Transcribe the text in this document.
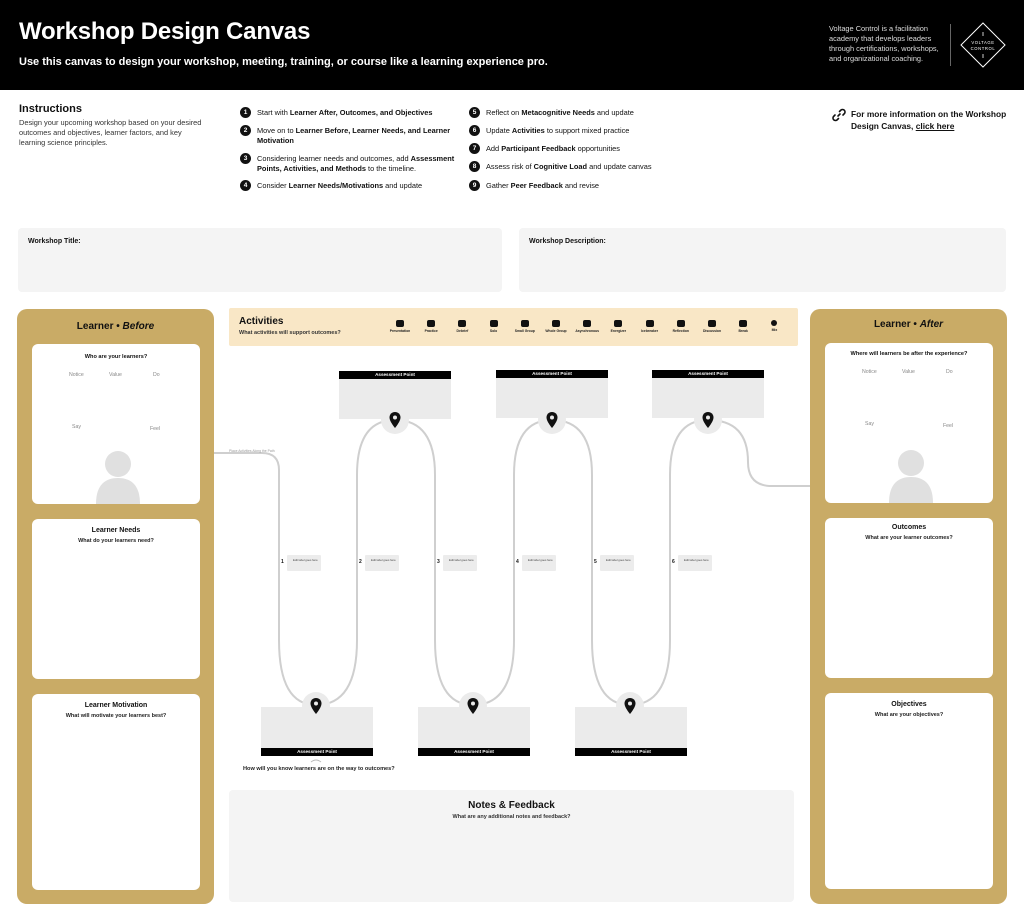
Workshop Design Canvas
Use this canvas to design your workshop, meeting, training, or course like a learning experience pro.
Voltage Control is a facilitation academy that develops leaders through certifications, workshops, and organizational coaching.
VOLTAGE
CONTROL
Instructions
Design your upcoming workshop based on your desired outcomes and objectives, learner factors, and key learning science principles.
1	Start with Learner After, Outcomes, and Objectives
2	Move on to Learner Before, Learner Needs, and Learner Motivation
3	Considering learner needs and outcomes, add Assessment Points, Activities, and Methods to the timeline.
4	Consider Learner Needs/Motivations and update
5	Reflect on Metacognitive Needs and update
6	Update Activities to support mixed practice
7	Add Participant Feedback opportunities
8	Assess risk of Cognitive Load and update canvas
9	Gather Peer Feedback and revise
For more information on the Workshop Design Canvas, click here
Workshop Title:	Workshop Description:
Learner • Before
Who are your learners?
Notice	Value	Do
Say	Feel
Learner Needs
What do your learners need?
Learner Motivation
What will motivate your learners best?
Learner • After
Where will learners be after the experience?
Notice	Value	Do
Say	Feel
Outcomes
What are your learner outcomes?
Objectives
What are your objectives?
Activities
What activities will support outcomes?	Presentation	Practice	Debrief	Solo	Small Group	Whole Group	Asynchronous	Energizer	Icebreaker	Reflection	Discussion	Break	Mix
Place Activities Along the Path
Assessment Point	Assessment Point	Assessment Point
Assessment Point	Assessment Point	Assessment Point
1	Edit label goes here	2	Edit label goes here	3	Edit label goes here	4	Edit label goes here	5	Edit label goes here	6	Edit label goes here
How will you know learners are on the way to outcomes?
Notes & Feedback
What are any additional notes and feedback?
